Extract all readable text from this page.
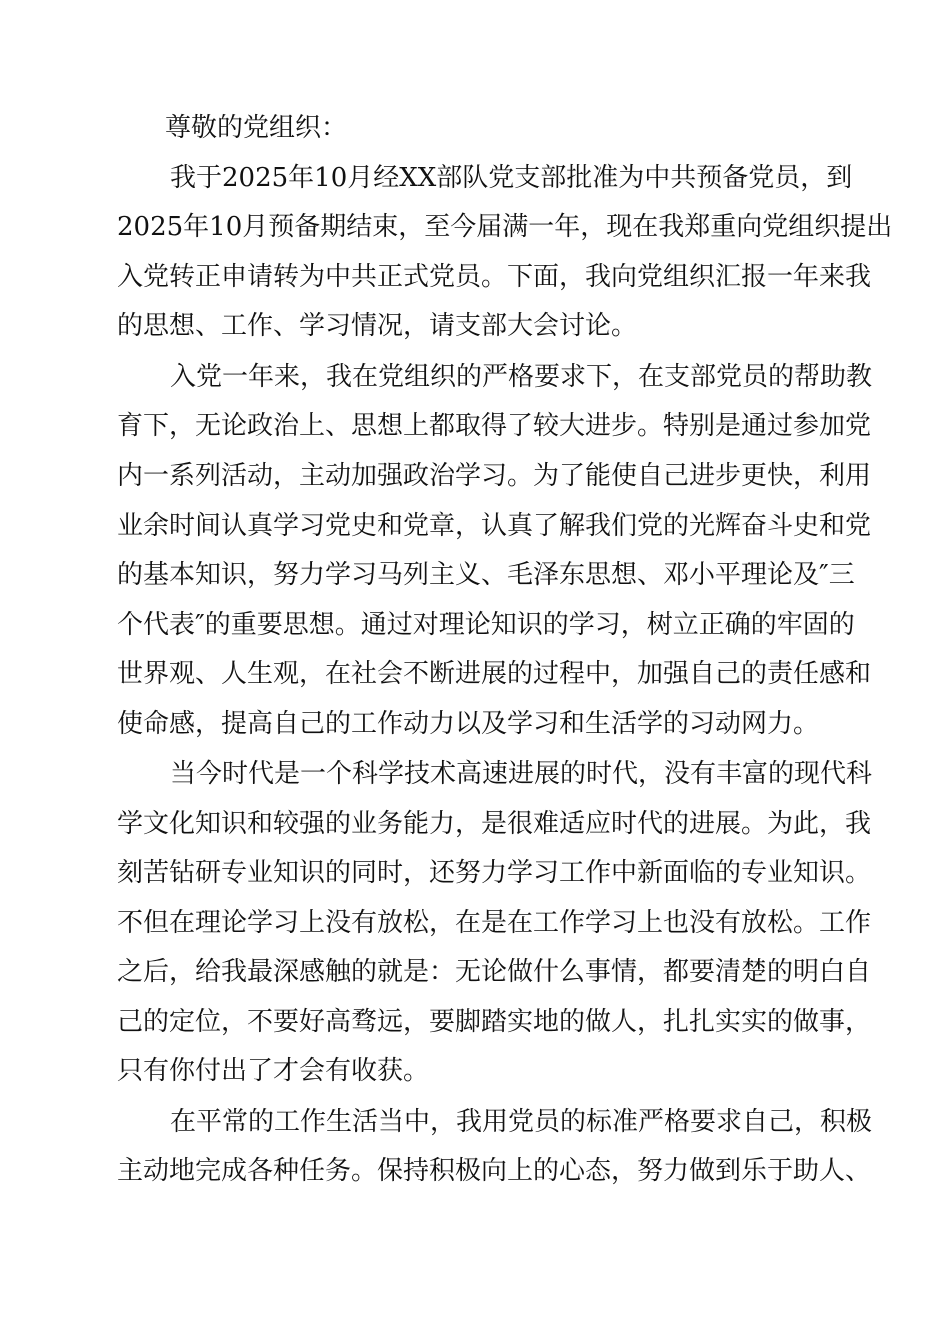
尊敬的党组织：
我于2025年10月经XX部队党支部批准为中共预备党员，到
2025年10月预备期结束，至今届满一年，现在我郑重向党组织提出
入党转正申请转为中共正式党员。下面，我向党组织汇报一年来我
的思想、工作、学习情况，请支部大会讨论。
入党一年来，我在党组织的严格要求下，在支部党员的帮助教
育下，无论政治上、思想上都取得了较大进步。特别是通过参加党
内一系列活动，主动加强政治学习。为了能使自己进步更快，利用
业余时间认真学习党史和党章，认真了解我们党的光辉奋斗史和党
的基本知识，努力学习马列主义、毛泽东思想、邓小平理论及″三
个代表″的重要思想。通过对理论知识的学习，树立正确的牢固的
世界观、人生观，在社会不断进展的过程中，加强自己的责任感和
使命感，提高自己的工作动力以及学习和生活学的习动网力。
当今时代是一个科学技术高速进展的时代，没有丰富的现代科
学文化知识和较强的业务能力，是很难适应时代的进展。为此，我
刻苦钻研专业知识的同时，还努力学习工作中新面临的专业知识。
不但在理论学习上没有放松，在是在工作学习上也没有放松。工作
之后，给我最深感触的就是：无论做什么事情，都要清楚的明白自
己的定位，不要好高骛远，要脚踏实地的做人，扎扎实实的做事，
只有你付出了才会有收获。
在平常的工作生活当中，我用党员的标准严格要求自己，积极
主动地完成各种任务。保持积极向上的心态，努力做到乐于助人、
